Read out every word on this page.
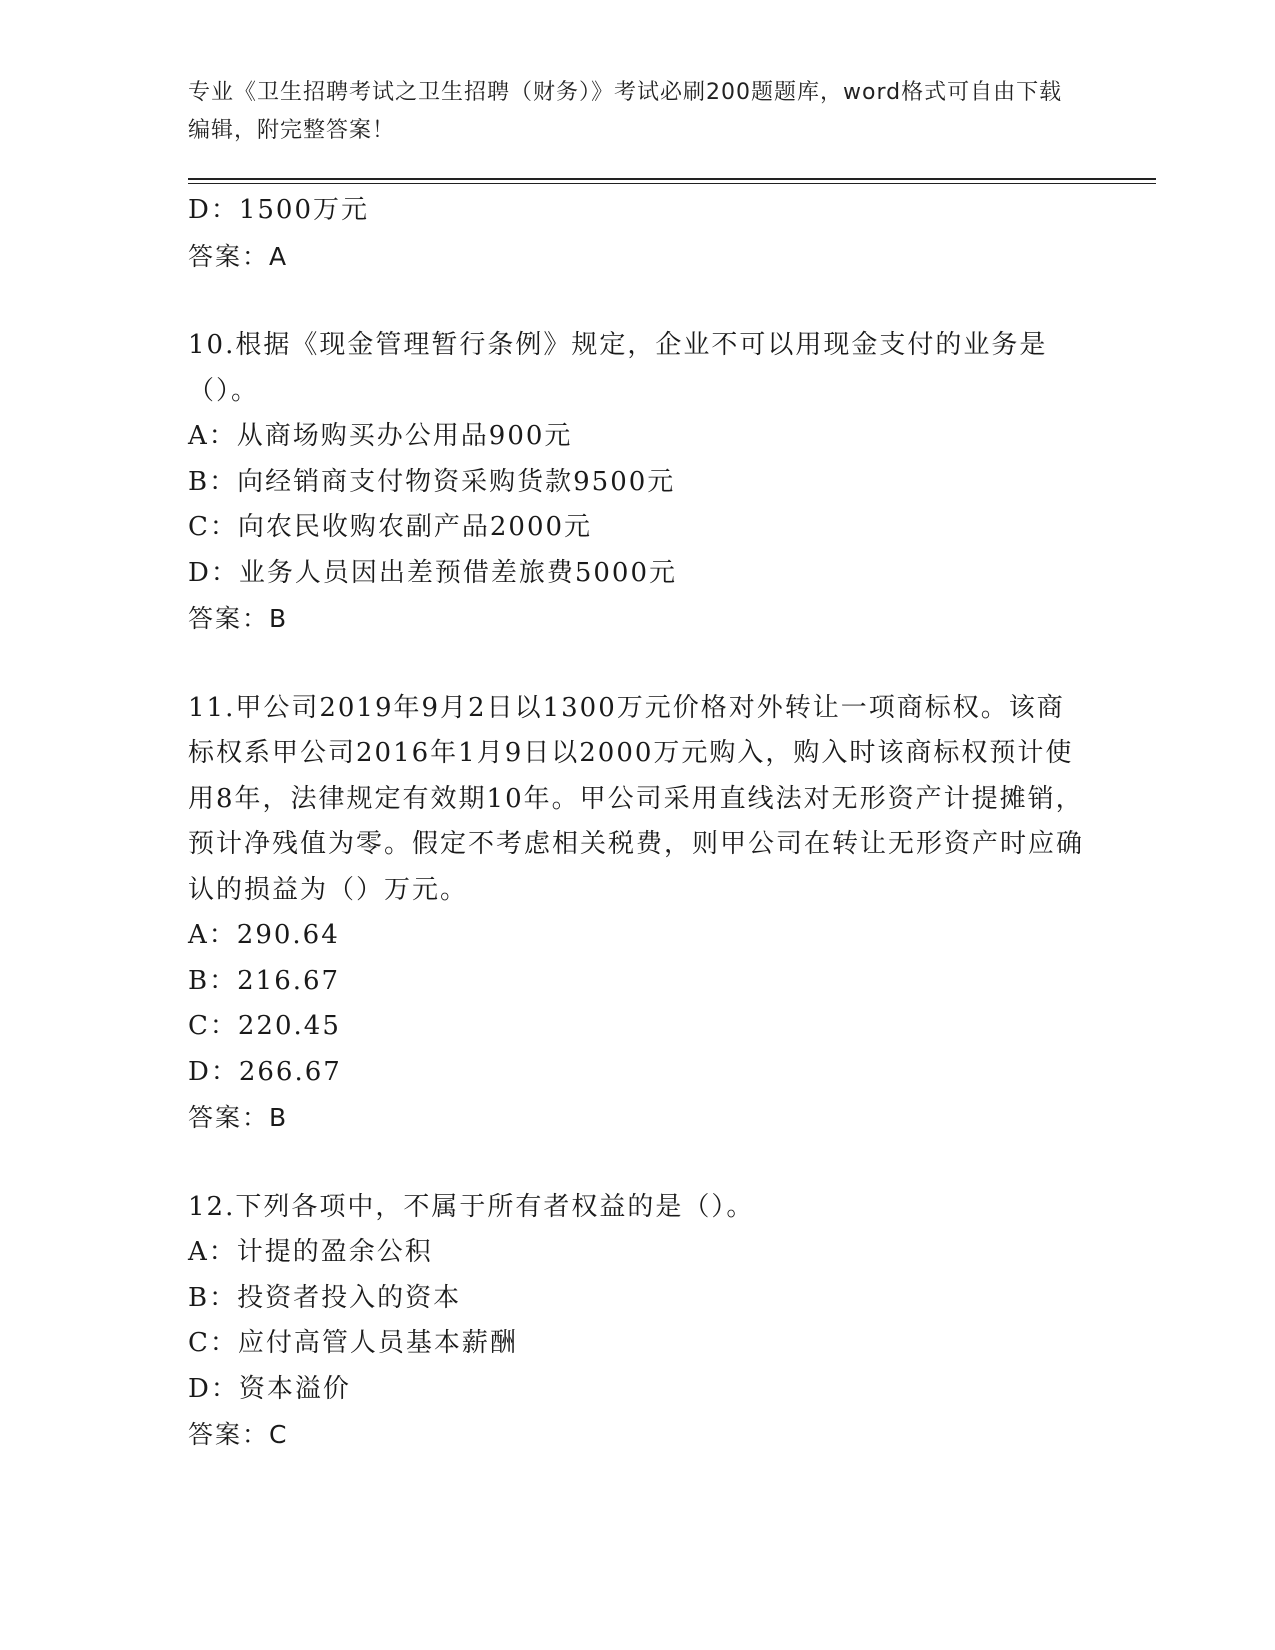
专业《卫生招聘考试之卫生招聘（财务）》考试必刷200题题库，word格式可自由下载编辑，附完整答案！
D：1500万元
答案：A
10.根据《现金管理暂行条例》规定，企业不可以用现金支付的业务是（）。
A：从商场购买办公用品900元
B：向经销商支付物资采购货款9500元
C：向农民收购农副产品2000元
D：业务人员因出差预借差旅费5000元
答案：B
11.甲公司2019年9月2日以1300万元价格对外转让一项商标权。该商标权系甲公司2016年1月9日以2000万元购入，购入时该商标权预计使用8年，法律规定有效期10年。甲公司采用直线法对无形资产计提摊销，预计净残值为零。假定不考虑相关税费，则甲公司在转让无形资产时应确认的损益为（）万元。
A：290.64
B：216.67
C：220.45
D：266.67
答案：B
12.下列各项中，不属于所有者权益的是（）。
A：计提的盈余公积
B：投资者投入的资本
C：应付高管人员基本薪酬
D：资本溢价
答案：C
